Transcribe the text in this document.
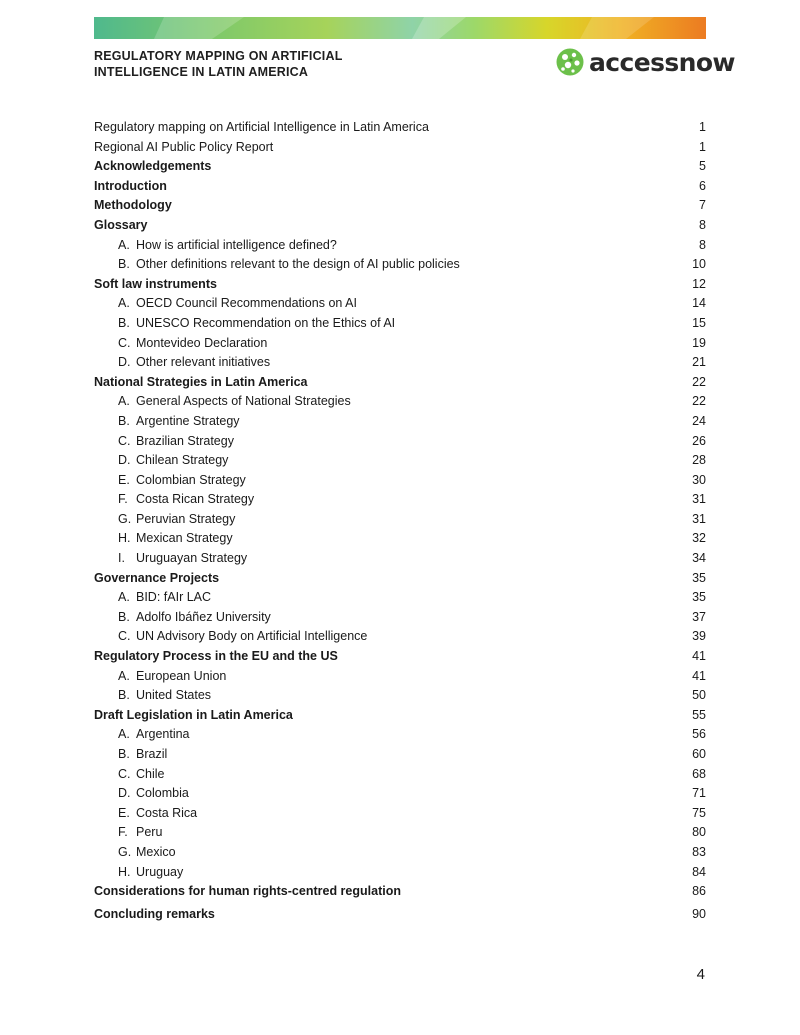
REGULATORY MAPPING ON ARTIFICIAL
INTELLIGENCE IN LATIN AMERICA	accessnow
Regulatory mapping on Artificial Intelligence in Latin America	1
Regional AI Public Policy Report	1
Acknowledgements	5
Introduction	6
Methodology	7
Glossary	8
A. How is artificial intelligence defined?	8
B. Other definitions relevant to the design of AI public policies	10
Soft law instruments	12
A. OECD Council Recommendations on AI	14
B. UNESCO Recommendation on the Ethics of AI	15
C. Montevideo Declaration	19
D. Other relevant initiatives	21
National Strategies in Latin America	22
A. General Aspects of National Strategies	22
B. Argentine Strategy	24
C. Brazilian Strategy	26
D. Chilean Strategy	28
E. Colombian Strategy	30
F. Costa Rican Strategy	31
G. Peruvian Strategy	31
H. Mexican Strategy	32
I. Uruguayan Strategy	34
Governance Projects	35
A. BID: fAIr LAC	35
B. Adolfo Ibáñez University	37
C. UN Advisory Body on Artificial Intelligence	39
Regulatory Process in the EU and the US	41
A. European Union	41
B. United States	50
Draft Legislation in Latin America	55
A. Argentina	56
B. Brazil	60
C. Chile	68
D. Colombia	71
E. Costa Rica	75
F. Peru	80
G. Mexico	83
H. Uruguay	84
Considerations for human rights-centred regulation	86
Concluding remarks	90
4
